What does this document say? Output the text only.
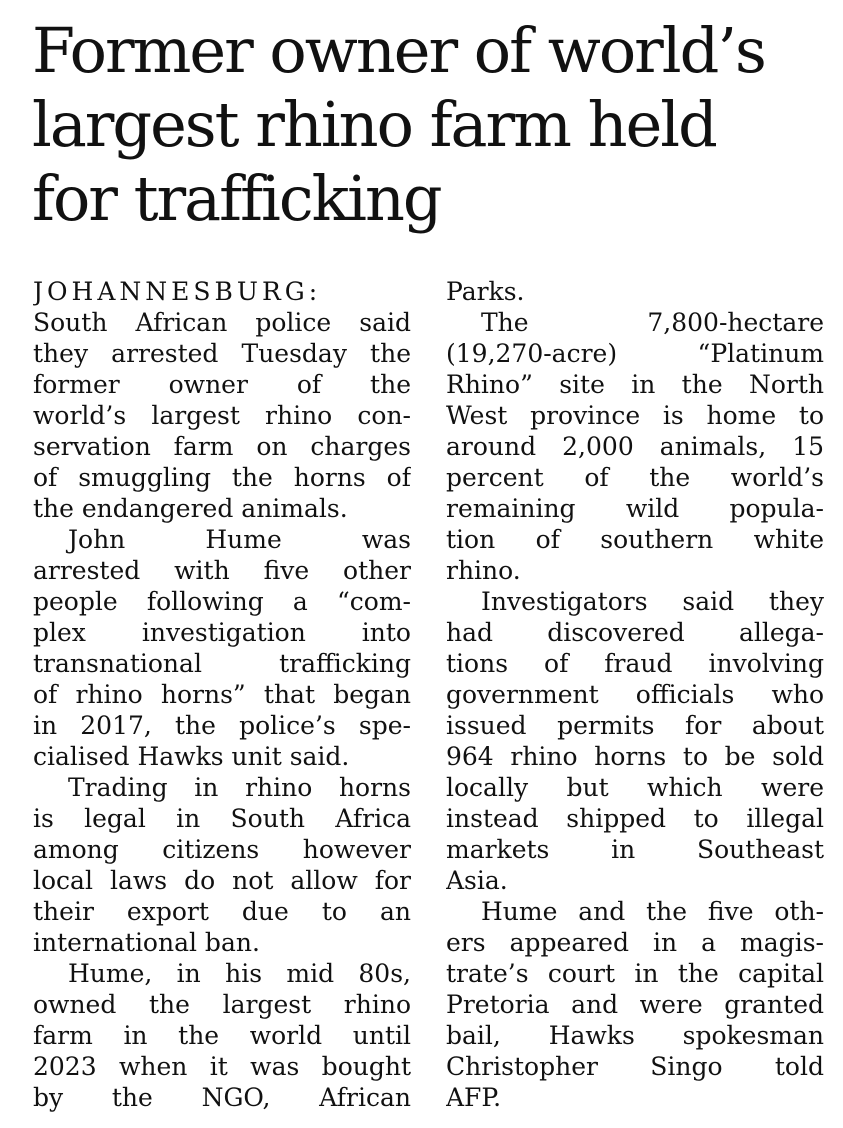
Former owner of world’s
largest rhino farm held
for trafficking
JOHANNESBURG:
South African police said
they arrested Tuesday the
former owner of the
world’s largest rhino con-
servation farm on charges
of smuggling the horns of
the endangered animals.
John Hume was
arrested with five other
people following a “com-
plex investigation into
transnational trafficking
of rhino horns” that began
in 2017, the police’s spe-
cialised Hawks unit said.
Trading in rhino horns
is legal in South Africa
among citizens however
local laws do not allow for
their export due to an
international ban.
Hume, in his mid 80s,
owned the largest rhino
farm in the world until
2023 when it was bought
by the NGO, African
Parks.
The 7,800-hectare
(19,270-acre) “Platinum
Rhino” site in the North
West province is home to
around 2,000 animals, 15
percent of the world’s
remaining wild popula-
tion of southern white
rhino.
Investigators said they
had discovered allega-
tions of fraud involving
government officials who
issued permits for about
964 rhino horns to be sold
locally but which were
instead shipped to illegal
markets in Southeast
Asia.
Hume and the five oth-
ers appeared in a magis-
trate’s court in the capital
Pretoria and were granted
bail, Hawks spokesman
Christopher Singo told
AFP.
